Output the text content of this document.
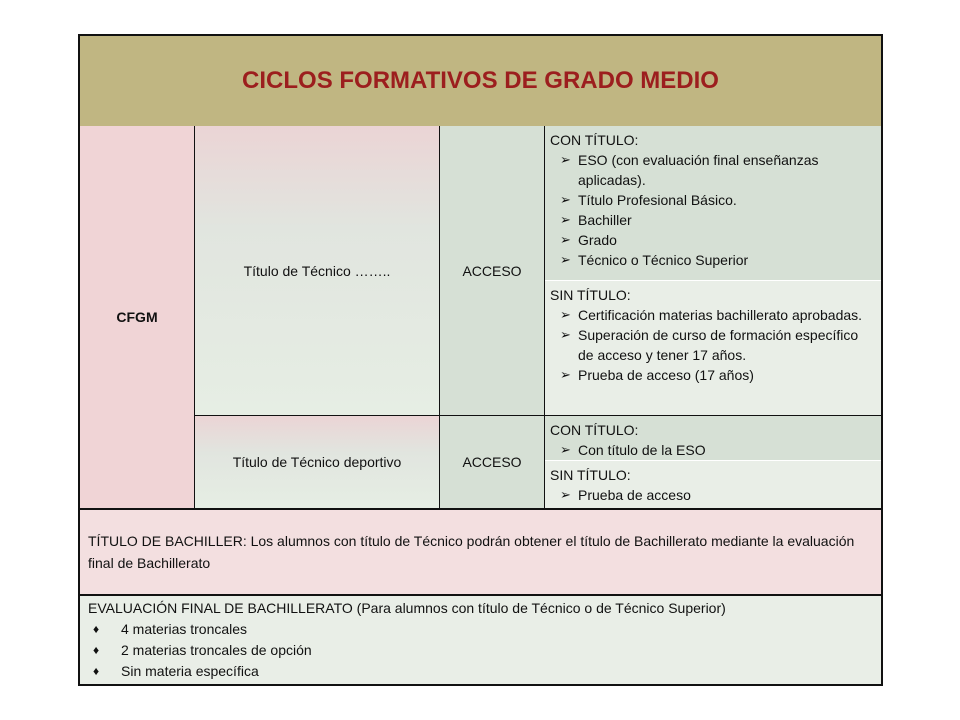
CICLOS FORMATIVOS DE GRADO MEDIO
CFGM
Título de Técnico ……..	ACCESO
CON TÍTULO:
➢ ESO (con evaluación final enseñanzas aplicadas).
➢ Título Profesional Básico.
➢ Bachiller
➢ Grado
➢ Técnico o Técnico Superior
SIN TÍTULO:
➢ Certificación materias bachillerato aprobadas.
➢ Superación de curso de formación específico de acceso y tener 17 años.
➢ Prueba de acceso (17 años)
Título de Técnico deportivo	ACCESO
CON TÍTULO:
➢ Con título de la ESO
SIN TÍTULO:
➢ Prueba de acceso
TÍTULO DE BACHILLER: Los alumnos con título de Técnico podrán obtener el título de Bachillerato mediante la evaluación final de Bachillerato
EVALUACIÓN FINAL DE BACHILLERATO (Para alumnos con título de Técnico o de Técnico Superior)
♦ 4 materias troncales
♦ 2 materias troncales de opción
♦ Sin materia específica
